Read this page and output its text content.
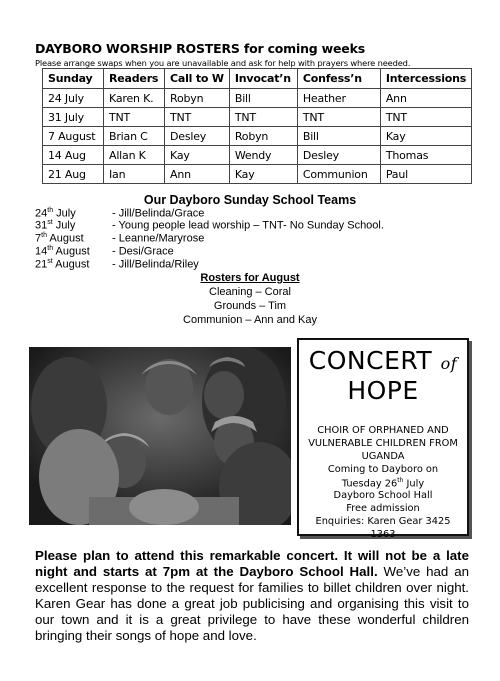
DAYBORO WORSHIP ROSTERS for coming weeks
Please arrange swaps when you are unavailable and ask for help with prayers where needed.
Sunday	Readers	Call to W	Invocat’n	Confess’n	Intercessions
24 July	Karen K.	Robyn	Bill	Heather	Ann
31 July	TNT	TNT	TNT	TNT	TNT
7 August	Brian C	Desley	Robyn	Bill	Kay
14 Aug	Allan K	Kay	Wendy	Desley	Thomas
21 Aug	Ian	Ann	Kay	Communion	Paul
Our Dayboro Sunday School Teams
24th July	- Jill/Belinda/Grace
31st July	- Young people lead worship – TNT- No Sunday School.
7th August	- Leanne/Maryrose
14th August - Desi/Grace
21st August - Jill/Belinda/Riley
Rosters for August
Cleaning – Coral
Grounds – Tim
Communion – Ann and Kay
CONCERT of
HOPE
CHOIR OF ORPHANED AND
VULNERABLE CHILDREN FROM
UGANDA
Coming to Dayboro on
Tuesday 26th July
Dayboro School Hall
Free admission
Enquiries: Karen Gear 3425
1363
Please plan to attend this remarkable concert. It will not be a late night and starts at 7pm at the Dayboro School Hall. We’ve had an excellent response to the request for families to billet children over night. Karen Gear has done a great job publicising and organising this visit to our town and it is a great privilege to have these wonderful children bringing their songs of hope and love.
